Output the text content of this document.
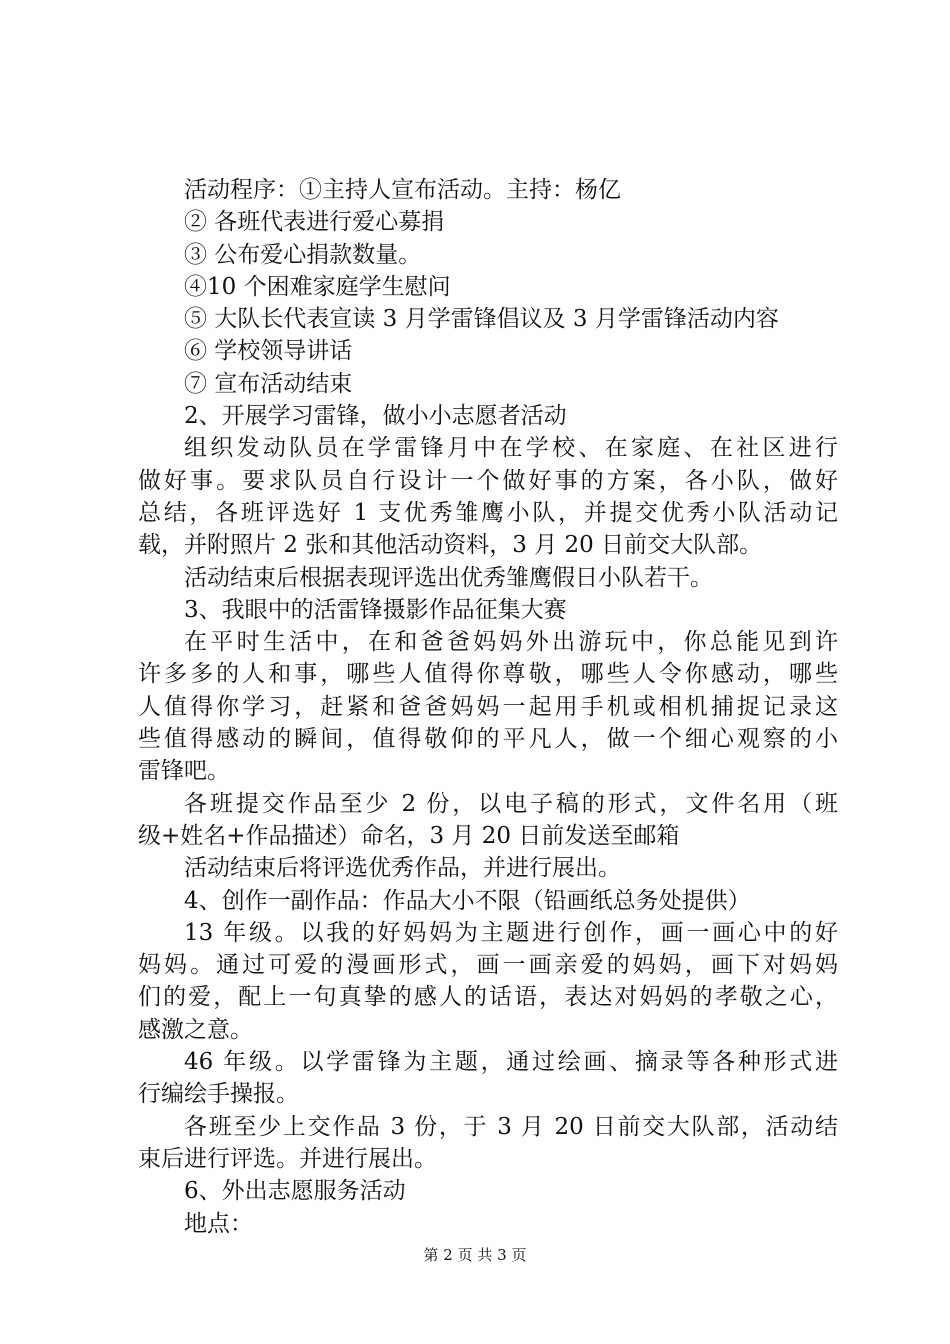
活动程序：①主持人宣布活动。主持：杨亿
② 各班代表进行爱心募捐
③ 公布爱心捐款数量。
④10 个困难家庭学生慰问
⑤ 大队长代表宣读 3 月学雷锋倡议及 3 月学雷锋活动内容
⑥ 学校领导讲话
⑦ 宣布活动结束
2、开展学习雷锋，做小小志愿者活动
组织发动队员在学雷锋月中在学校、在家庭、在社区进行
做好事。要求队员自行设计一个做好事的方案，各小队，做好
总结，各班评选好 1 支优秀雏鹰小队，并提交优秀小队活动记
载，并附照片 2 张和其他活动资料，3 月 20 日前交大队部。
活动结束后根据表现评选出优秀雏鹰假日小队若干。
3、我眼中的活雷锋摄影作品征集大赛
在平时生活中，在和爸爸妈妈外出游玩中，你总能见到许
许多多的人和事，哪些人值得你尊敬，哪些人令你感动，哪些
人值得你学习，赶紧和爸爸妈妈一起用手机或相机捕捉记录这
些值得感动的瞬间，值得敬仰的平凡人，做一个细心观察的小
雷锋吧。
各班提交作品至少 2 份，以电子稿的形式，文件名用（班
级+姓名+作品描述）命名，3 月 20 日前发送至邮箱
活动结束后将评选优秀作品，并进行展出。
4、创作一副作品：作品大小不限（铅画纸总务处提供）
13 年级。以我的好妈妈为主题进行创作，画一画心中的好
妈妈。通过可爱的漫画形式，画一画亲爱的妈妈，画下对妈妈
们的爱，配上一句真挚的感人的话语，表达对妈妈的孝敬之心，
感激之意。
46 年级。以学雷锋为主题，通过绘画、摘录等各种形式进
行编绘手操报。
各班至少上交作品 3 份，于 3 月 20 日前交大队部，活动结
束后进行评选。并进行展出。
6、外出志愿服务活动
地点：
第 2 页 共 3 页
